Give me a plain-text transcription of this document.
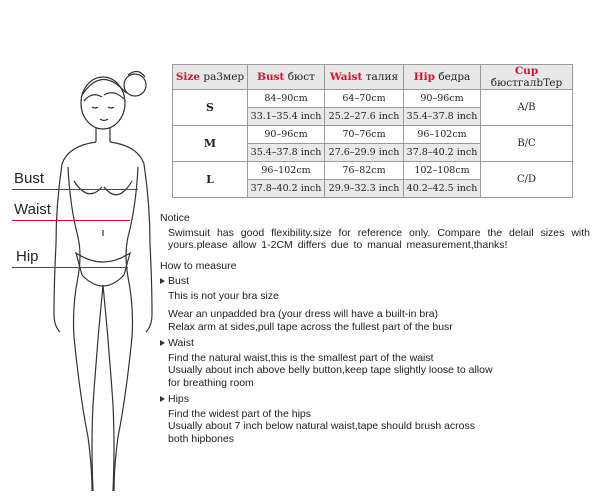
Bust
Waist
Hip
Size pa3мep	Bust бюст	Waist талия	Hip бедра	Cup бюстгалbTep
S	84–90cm	64–70cm	90–96cm	A/B
	33.1–35.4 inch	25.2–27.6 inch	35.4–37.8 inch	
M	90–96cm	70–76cm	96–102cm	B/C
	35.4–37.8 inch	27.6–29.9 inch	37.8–40.2 inch	
L	96–102cm	76–82cm	102–108cm	C/D
	37.8–40.2 inch	29.9–32.3 inch	40.2–42.5 inch	
Notice
Swimsuit has good flexibility.size for reference only. Compare the delail sizes with yours.please allow 1-2CM differs due to manual measurement,thanks!
How to measure
Bust
This is not your bra size
Wear an unpadded bra (your dress will have a built-in bra)
Relax arm at sides,pull tape across the fullest part of the busr
Waist
Find the natural waist,this is the smallest part of the waist
Usually about inch above belly button,keep tape slightly loose to allow
for breathing room
Hips
Find the widest part of the hips
Usually about 7 inch below natural waist,tape should brush across
both hipbones
